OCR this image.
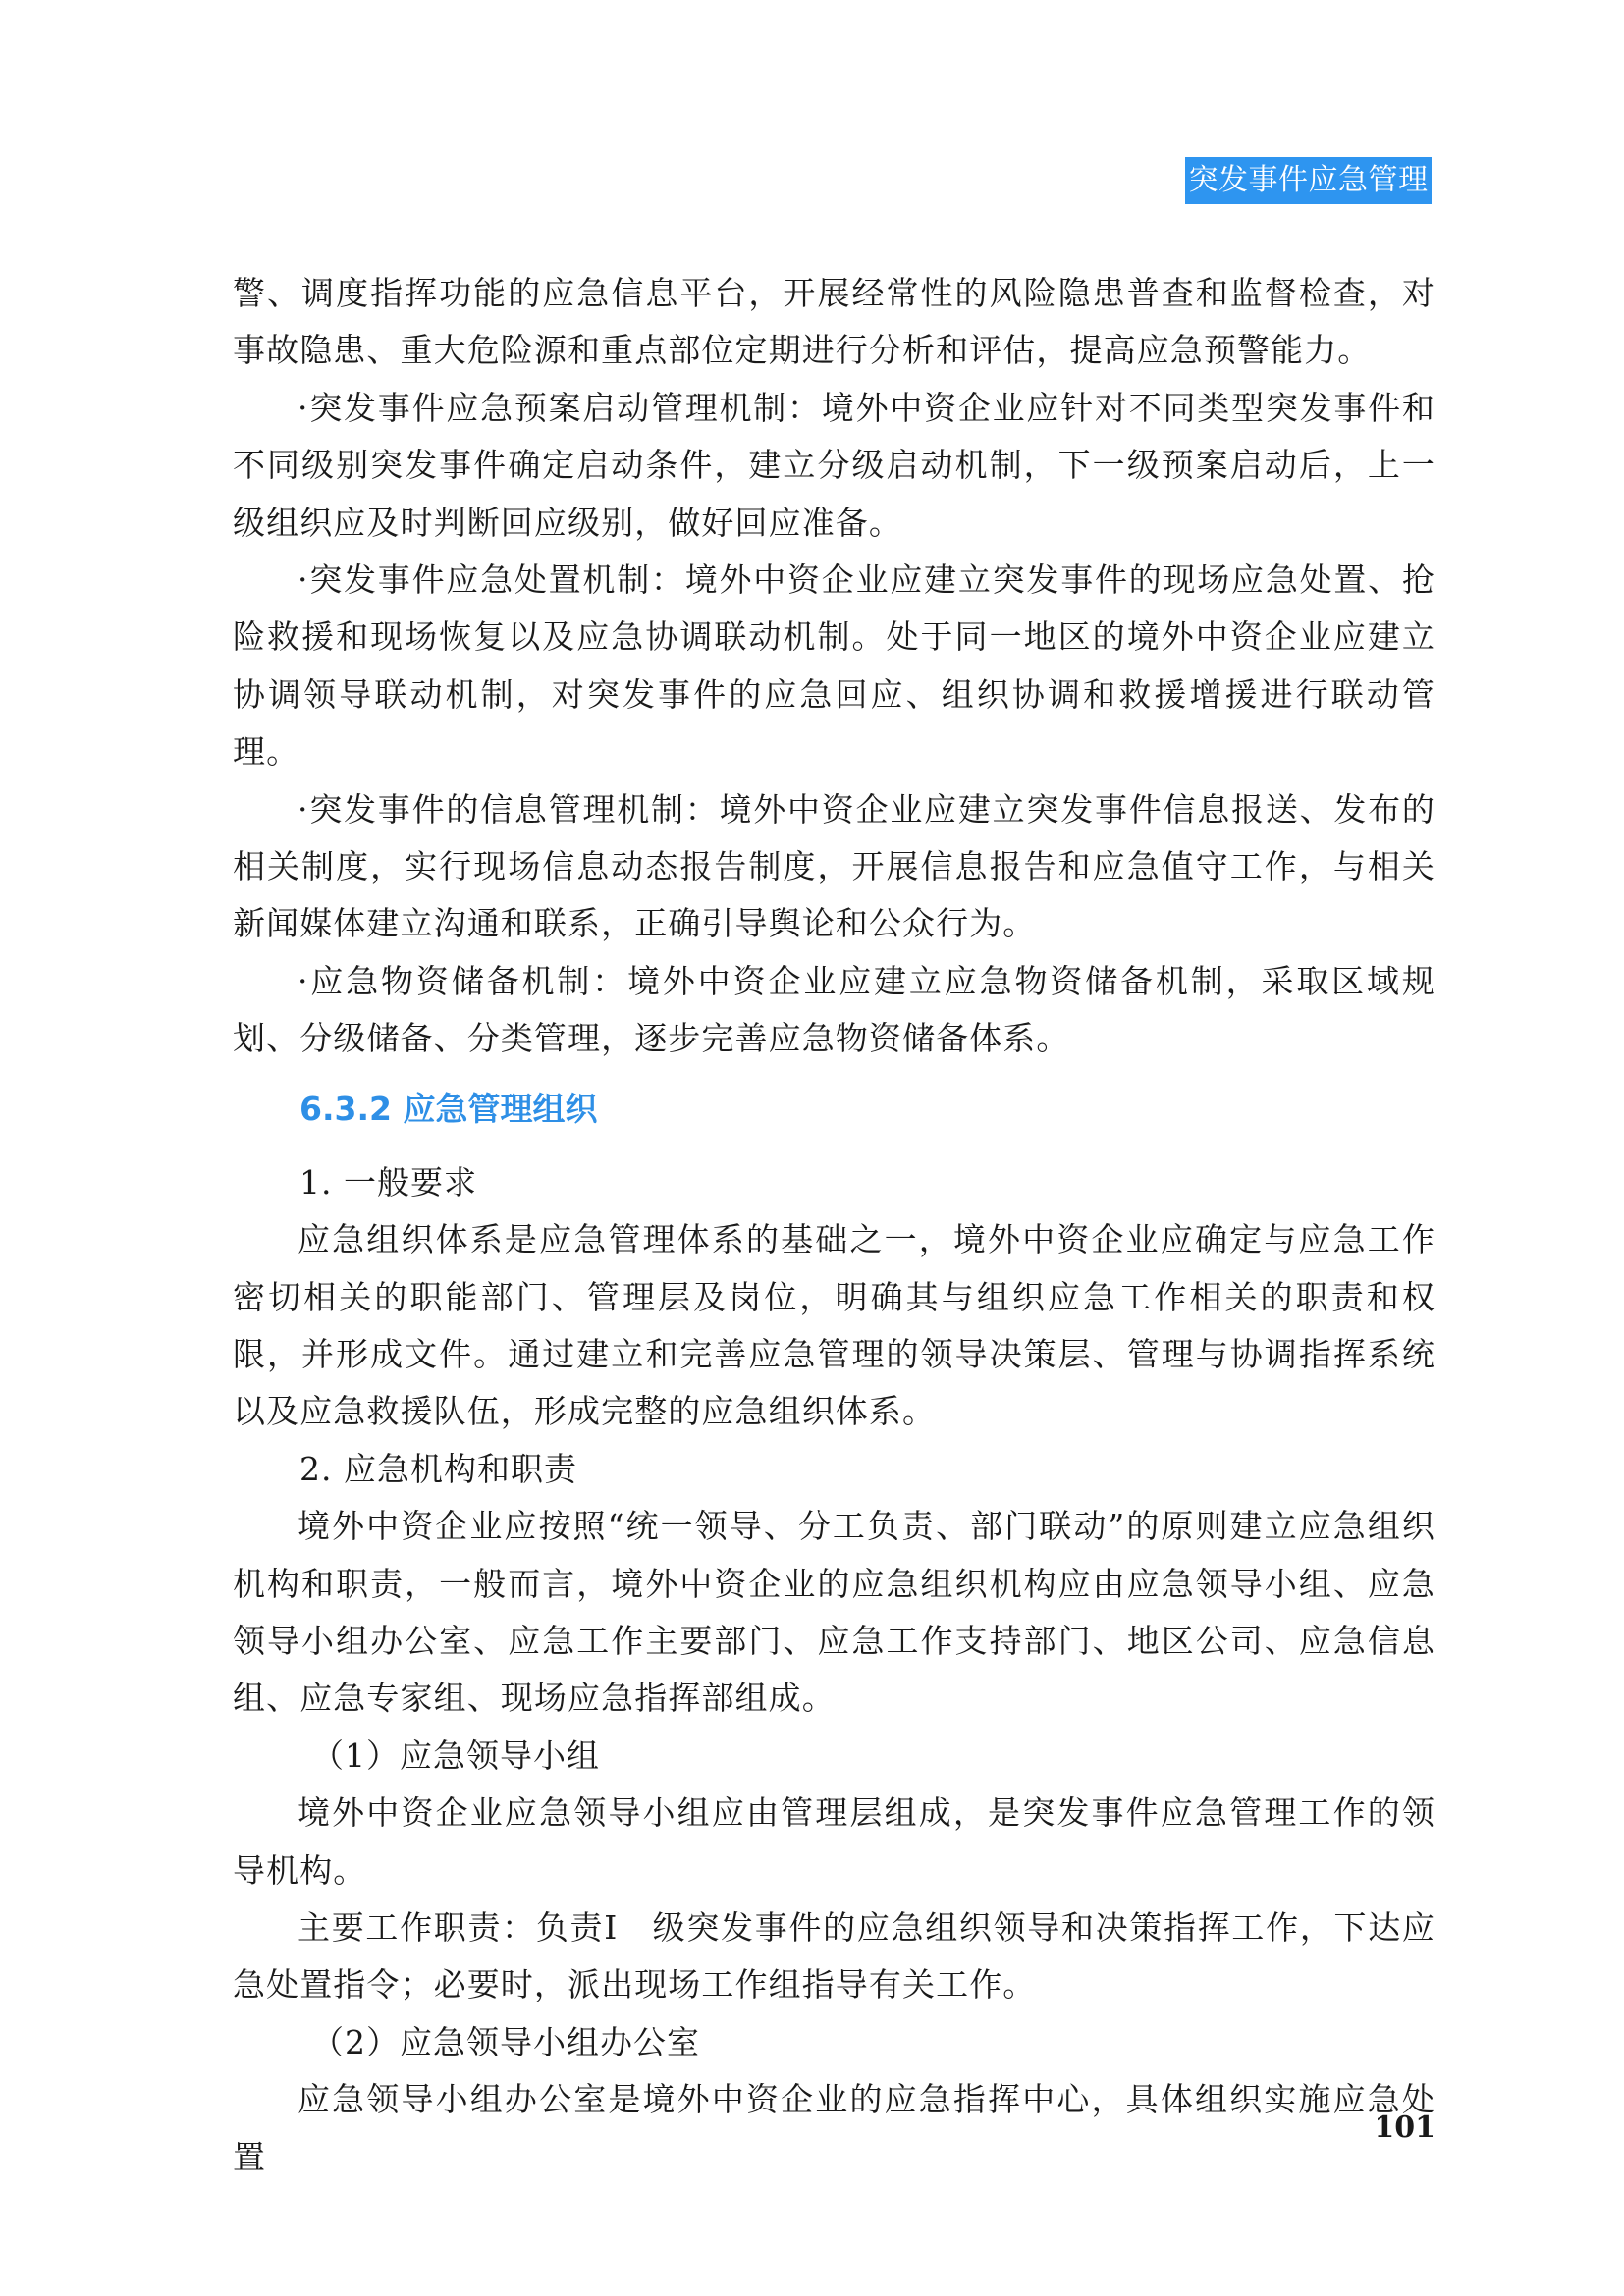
突发事件应急管理

警、调度指挥功能的应急信息平台，开展经常性的风险隐患普查和监督检查，对事故隐患、重大危险源和重点部位定期进行分析和评估，提高应急预警能力。

·突发事件应急预案启动管理机制：境外中资企业应针对不同类型突发事件和不同级别突发事件确定启动条件，建立分级启动机制，下一级预案启动后，上一级组织应及时判断回应级别，做好回应准备。

·突发事件应急处置机制：境外中资企业应建立突发事件的现场应急处置、抢险救援和现场恢复以及应急协调联动机制。处于同一地区的境外中资企业应建立协调领导联动机制，对突发事件的应急回应、组织协调和救援增援进行联动管理。

·突发事件的信息管理机制：境外中资企业应建立突发事件信息报送、发布的相关制度，实行现场信息动态报告制度，开展信息报告和应急值守工作，与相关新闻媒体建立沟通和联系，正确引导舆论和公众行为。

·应急物资储备机制：境外中资企业应建立应急物资储备机制，采取区域规划、分级储备、分类管理，逐步完善应急物资储备体系。

6.3.2 应急管理组织

1. 一般要求

应急组织体系是应急管理体系的基础之一，境外中资企业应确定与应急工作密切相关的职能部门、管理层及岗位，明确其与组织应急工作相关的职责和权限，并形成文件。通过建立和完善应急管理的领导决策层、管理与协调指挥系统以及应急救援队伍，形成完整的应急组织体系。

2. 应急机构和职责

境外中资企业应按照“统一领导、分工负责、部门联动”的原则建立应急组织机构和职责，一般而言，境外中资企业的应急组织机构应由应急领导小组、应急领导小组办公室、应急工作主要部门、应急工作支持部门、地区公司、应急信息组、应急专家组、现场应急指挥部组成。

（1）应急领导小组

境外中资企业应急领导小组应由管理层组成，是突发事件应急管理工作的领导机构。

主要工作职责：负责I　级突发事件的应急组织领导和决策指挥工作，下达应急处置指令；必要时，派出现场工作组指导有关工作。

（2）应急领导小组办公室

应急领导小组办公室是境外中资企业的应急指挥中心，具体组织实施应急处置

101
